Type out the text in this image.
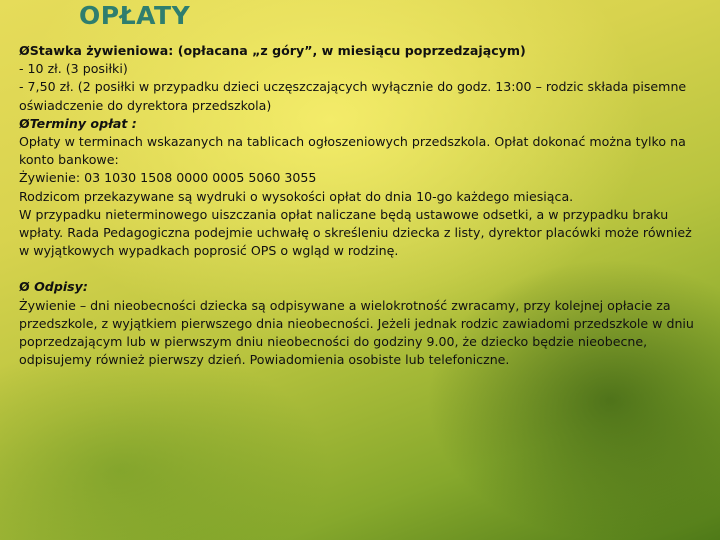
OPŁATY

ØStawka żywieniowa: (opłacana „z góry”, w miesiącu poprzedzającym)

- 10 zł. (3 posiłki)

- 7,50 zł. (2 posiłki w przypadku dzieci uczęszczających wyłącznie do godz. 13:00 – rodzic składa pisemne oświadczenie do dyrektora przedszkola)

ØTerminy opłat :

Opłaty w terminach wskazanych na tablicach ogłoszeniowych przedszkola. Opłat dokonać można tylko na konto bankowe:

Żywienie: 03 1030 1508 0000 0005 5060 3055

Rodzicom przekazywane są wydruki o wysokości opłat do dnia 10-go każdego miesiąca.

W przypadku nieterminowego uiszczania opłat naliczane będą ustawowe odsetki, a w przypadku braku wpłaty. Rada Pedagogiczna podejmie uchwałę o skreśleniu dziecka z listy, dyrektor placówki może również w wyjątkowych wypadkach poprosić OPS o wgląd w rodzinę.

Ø Odpisy:

Żywienie – dni nieobecności dziecka są odpisywane a wielokrotność zwracamy, przy kolejnej opłacie za przedszkole, z wyjątkiem pierwszego dnia nieobecności. Jeżeli jednak rodzic zawiadomi przedszkole w dniu poprzedzającym lub w pierwszym dniu nieobecności do godziny 9.00, że dziecko będzie nieobecne, odpisujemy również pierwszy dzień. Powiadomienia osobiste lub telefoniczne.
